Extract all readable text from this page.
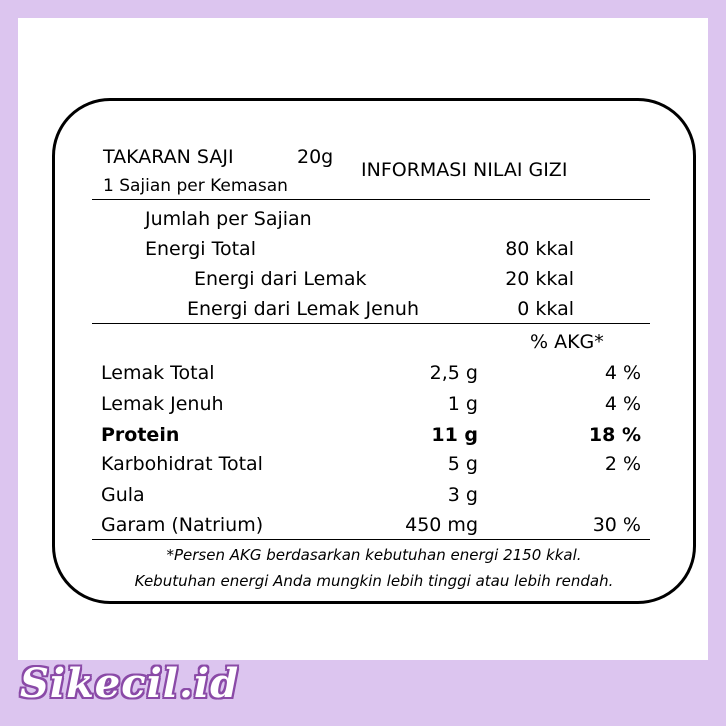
TAKARAN SAJI	20g
1 Sajian per Kemasan
INFORMASI NILAI GIZI
Jumlah per Sajian
Energi Total	80 kkal
Energi dari Lemak	20 kkal
Energi dari Lemak Jenuh	0 kkal
% AKG*
Lemak Total	2,5 g	4 %
Lemak Jenuh	1 g	4 %
Protein	11 g	18 %
Karbohidrat Total	5 g	2 %
Gula	3 g
Garam (Natrium)	450 mg	30 %
*Persen AKG berdasarkan kebutuhan energi 2150 kkal.
Kebutuhan energi Anda mungkin lebih tinggi atau lebih rendah.
Sikecil.id
